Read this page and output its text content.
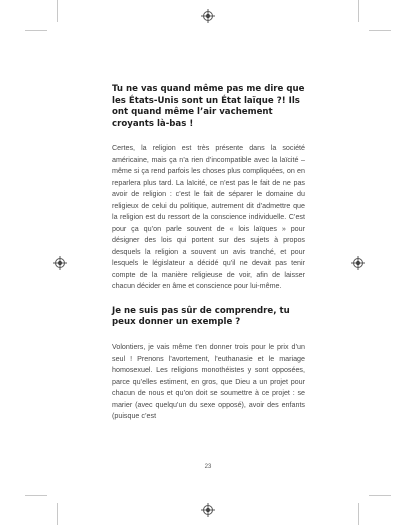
Tu ne vas quand même pas me dire que les États-Unis sont un État laïque ?! Ils ont quand même l’air vachement croyants là-bas !

Certes, la religion est très présente dans la société américaine, mais ça n’a rien d’incompatible avec la laïcité – même si ça rend parfois les choses plus compliquées, on en reparlera plus tard. La laïcité, ce n’est pas le fait de ne pas avoir de religion : c’est le fait de séparer le domaine du religieux de celui du politique, autrement dit d’admettre que la religion est du ressort de la conscience individuelle. C’est pour ça qu’on parle souvent de « lois laïques » pour désigner des lois qui portent sur des sujets à propos desquels la religion a souvent un avis tranché, et pour lesquels le législateur a décidé qu’il ne devait pas tenir compte de la manière religieuse de voir, afin de laisser chacun décider en âme et conscience pour lui-même.

Je ne suis pas sûr de comprendre, tu peux donner un exemple ?

Volontiers, je vais même t’en donner trois pour le prix d’un seul ! Prenons l’avortement, l’euthanasie et le mariage homosexuel. Les religions monothéistes y sont opposées, parce qu’elles estiment, en gros, que Dieu a un projet pour chacun de nous et qu’on doit se soumettre à ce projet : se marier (avec quelqu’un du sexe opposé), avoir des enfants (puisque c’est

23
